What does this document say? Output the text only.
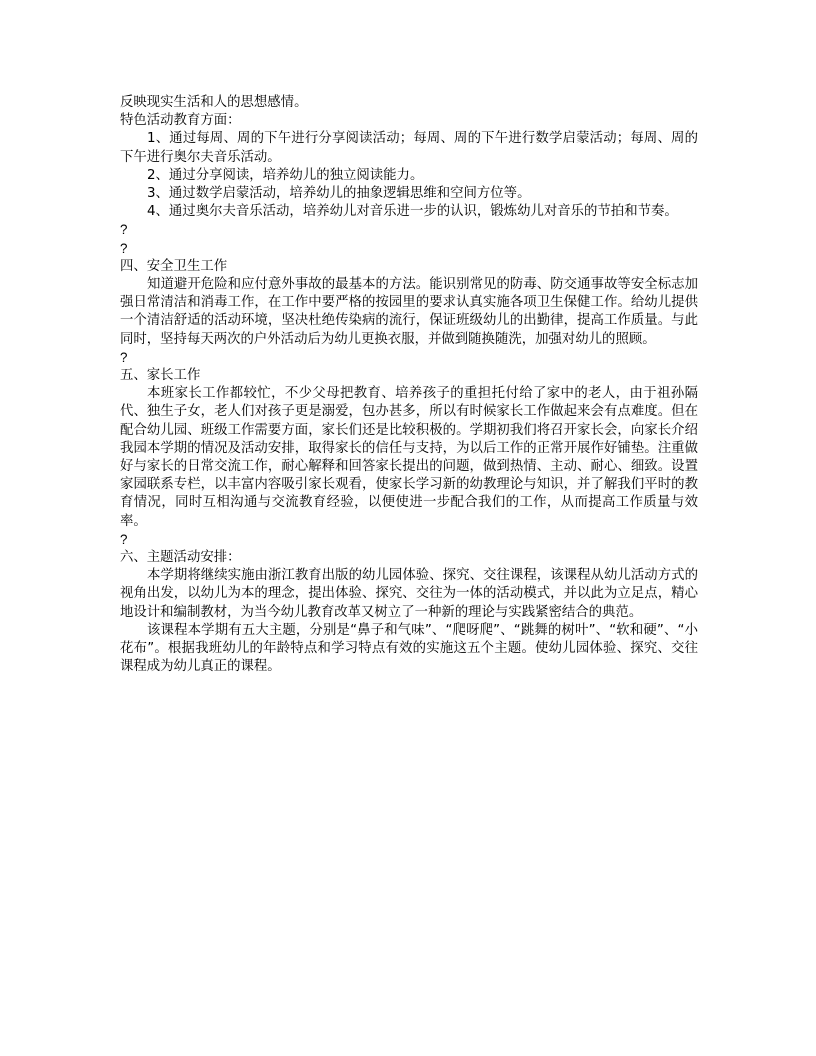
反映现实生活和人的思想感情。

特色活动教育方面：

1、通过每周、周的下午进行分享阅读活动；每周、周的下午进行数学启蒙活动；每周、周的下午进行奥尔夫音乐活动。

2、通过分享阅读，培养幼儿的独立阅读能力。

3、通过数学启蒙活动，培养幼儿的抽象逻辑思维和空间方位等。

4、通过奥尔夫音乐活动，培养幼儿对音乐进一步的认识，锻炼幼儿对音乐的节拍和节奏。

?

?

四、安全卫生工作

知道避开危险和应付意外事故的最基本的方法。能识别常见的防毒、防交通事故等安全标志加强日常清洁和消毒工作，在工作中要严格的按园里的要求认真实施各项卫生保健工作。给幼儿提供一个清洁舒适的活动环境，坚决杜绝传染病的流行，保证班级幼儿的出勤律，提高工作质量。与此同时，坚持每天两次的户外活动后为幼儿更换衣服，并做到随换随洗，加强对幼儿的照顾。

?

五、家长工作

本班家长工作都较忙，不少父母把教育、培养孩子的重担托付给了家中的老人，由于祖孙隔代、独生子女，老人们对孩子更是溺爱，包办甚多，所以有时候家长工作做起来会有点难度。但在配合幼儿园、班级工作需要方面，家长们还是比较积极的。学期初我们将召开家长会，向家长介绍我园本学期的情况及活动安排，取得家长的信任与支持，为以后工作的正常开展作好铺垫。注重做好与家长的日常交流工作，耐心解释和回答家长提出的问题，做到热情、主动、耐心、细致。设置家园联系专栏，以丰富内容吸引家长观看，使家长学习新的幼教理论与知识，并了解我们平时的教育情况，同时互相沟通与交流教育经验，以便使进一步配合我们的工作，从而提高工作质量与效率。

?

六、主题活动安排：

本学期将继续实施由浙江教育出版的幼儿园体验、探究、交往课程，该课程从幼儿活动方式的视角出发，以幼儿为本的理念，提出体验、探究、交往为一体的活动模式，并以此为立足点，精心地设计和编制教材，为当今幼儿教育改革又树立了一种新的理论与实践紧密结合的典范。

该课程本学期有五大主题，分别是“鼻子和气味”、“爬呀爬”、“跳舞的树叶”、“软和硬”、“小花布”。根据我班幼儿的年龄特点和学习特点有效的实施这五个主题。使幼儿园体验、探究、交往课程成为幼儿真正的课程。
